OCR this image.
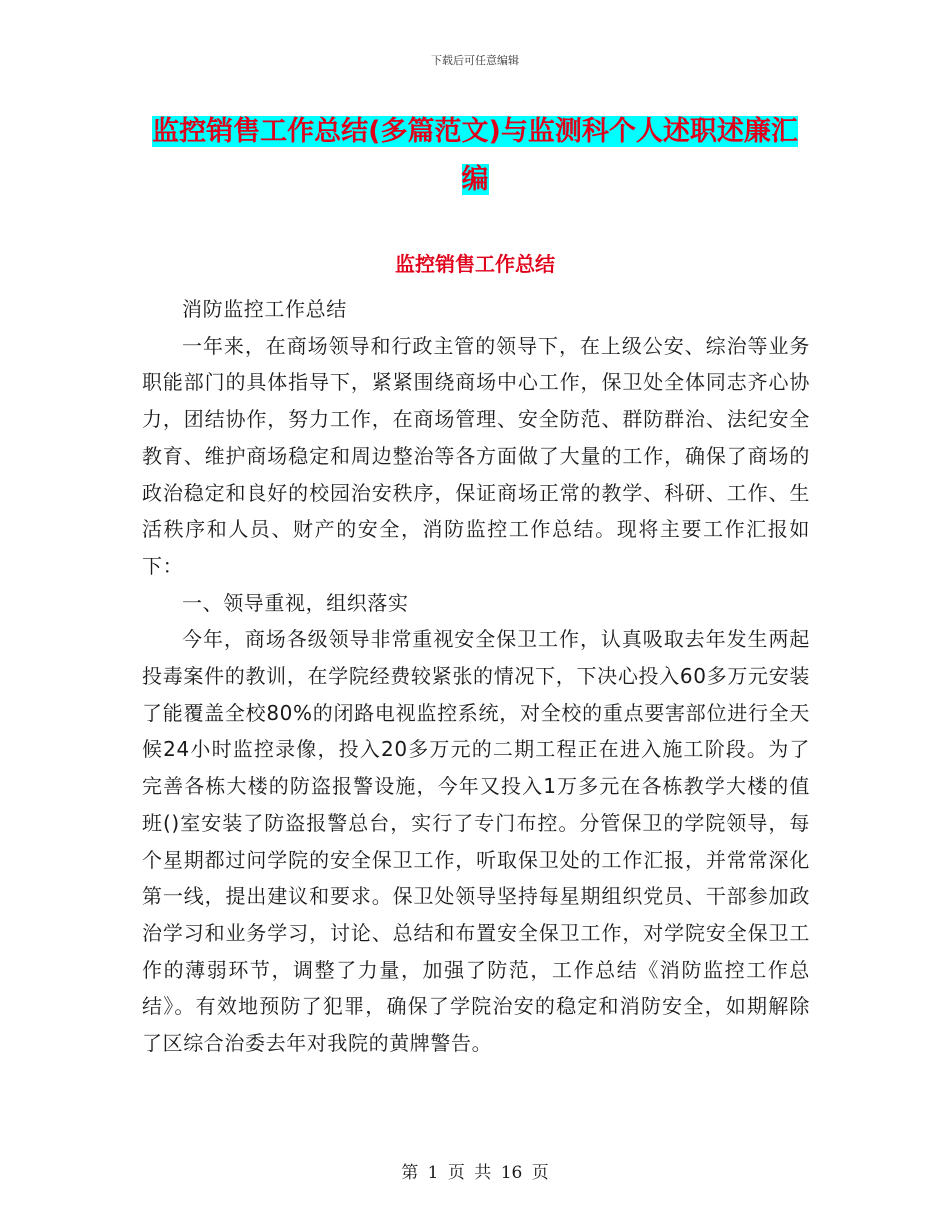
下载后可任意编辑
监控销售工作总结(多篇范文)与监测科个人述职述廉汇编
监控销售工作总结

消防监控工作总结

一年来，在商场领导和行政主管的领导下，在上级公安、综治等业务职能部门的具体指导下，紧紧围绕商场中心工作，保卫处全体同志齐心协力，团结协作，努力工作，在商场管理、安全防范、群防群治、法纪安全教育、维护商场稳定和周边整治等各方面做了大量的工作，确保了商场的政治稳定和良好的校园治安秩序，保证商场正常的教学、科研、工作、生活秩序和人员、财产的安全，消防监控工作总结。现将主要工作汇报如下：

一、领导重视，组织落实

今年，商场各级领导非常重视安全保卫工作，认真吸取去年发生两起投毒案件的教训，在学院经费较紧张的情况下，下决心投入60多万元安装了能覆盖全校80%的闭路电视监控系统，对全校的重点要害部位进行全天候24小时监控录像，投入20多万元的二期工程正在进入施工阶段。为了完善各栋大楼的防盗报警设施，今年又投入1万多元在各栋教学大楼的值班()室安装了防盗报警总台，实行了专门布控。分管保卫的学院领导，每个星期都过问学院的安全保卫工作，听取保卫处的工作汇报，并常常深化第一线，提出建议和要求。保卫处领导坚持每星期组织党员、干部参加政治学习和业务学习，讨论、总结和布置安全保卫工作，对学院安全保卫工作的薄弱环节，调整了力量，加强了防范，工作总结《消防监控工作总结》。有效地预防了犯罪，确保了学院治安的稳定和消防安全，如期解除了区综合治委去年对我院的黄牌警告。

第 1 页 共 16 页
